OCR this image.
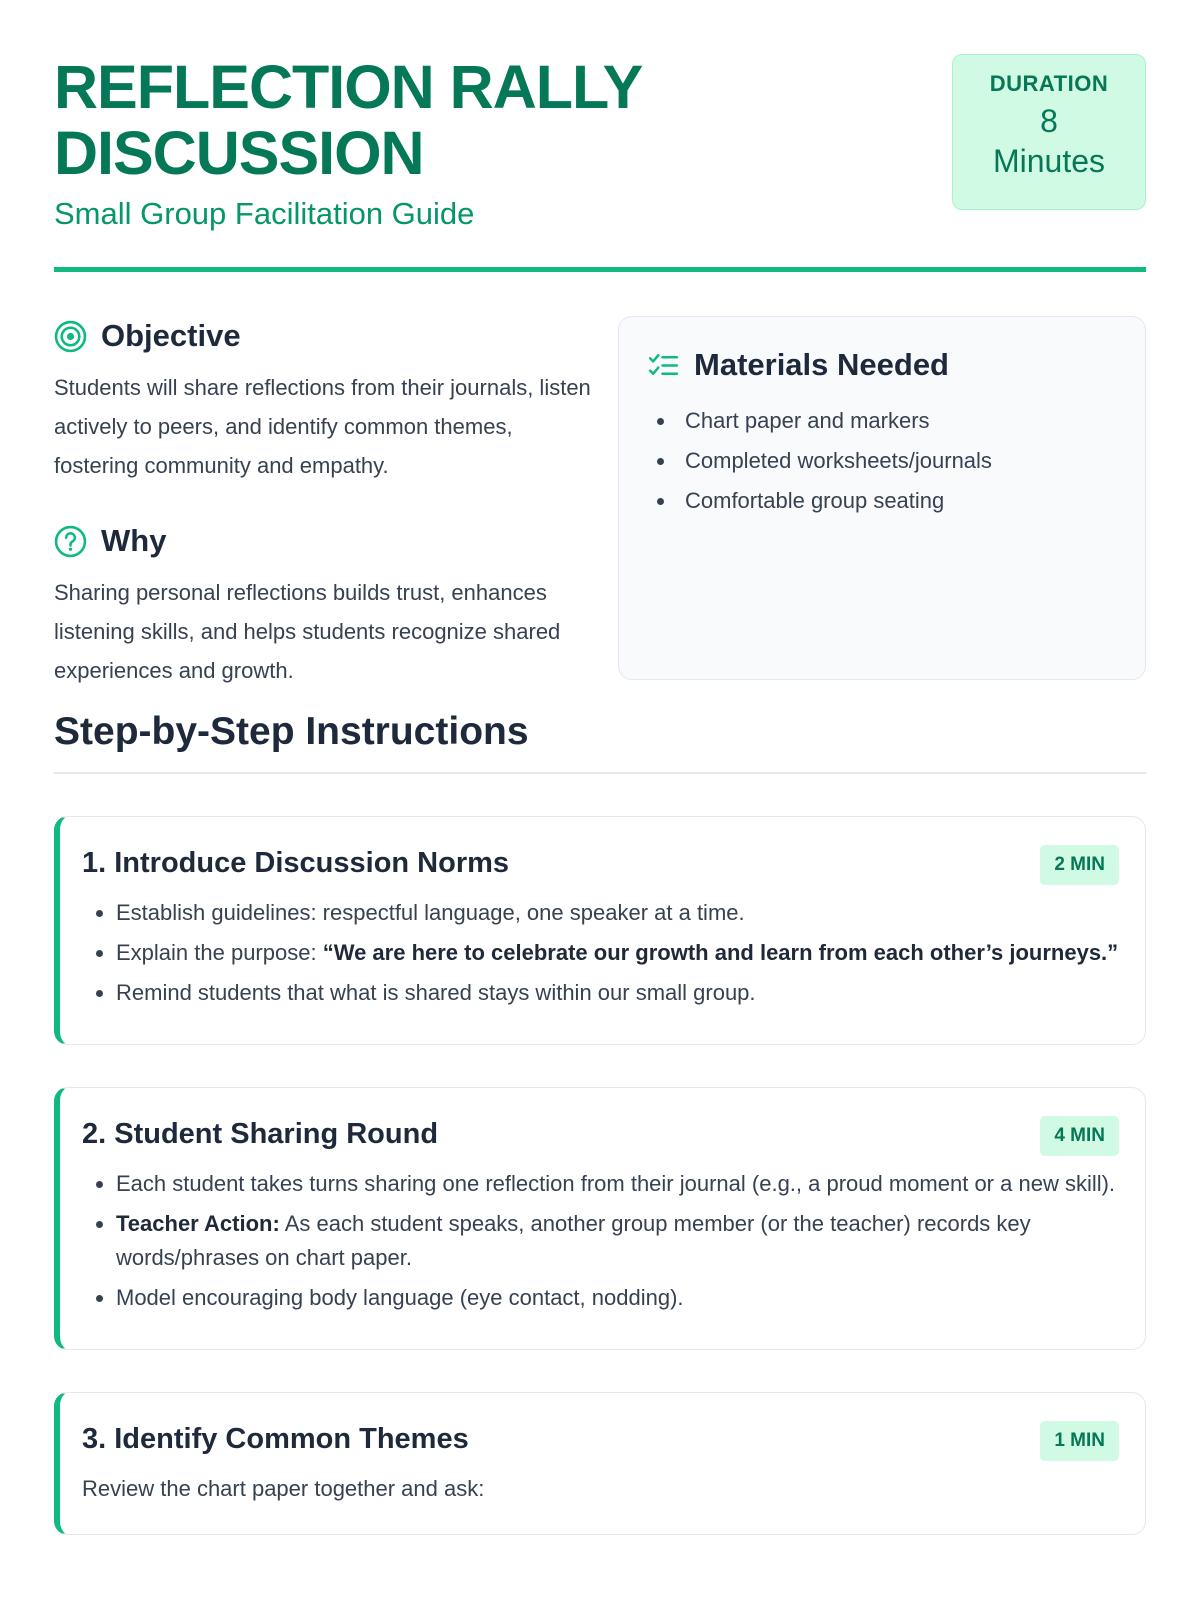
REFLECTION RALLY
DISCUSSION
Small Group Facilitation Guide
DURATION
8
Minutes
Objective

Students will share reflections from their journals, listen actively to peers, and identify common themes, fostering community and empathy.

Why

Sharing personal reflections builds trust, enhances listening skills, and helps students recognize shared experiences and growth.

Materials Needed
• Chart paper and markers
• Completed worksheets/journals
• Comfortable group seating
Step-by-Step Instructions
1. Introduce Discussion Norms	2 MIN
• Establish guidelines: respectful language, one speaker at a time.
• Explain the purpose: “We are here to celebrate our growth and learn from each other’s journeys.”
• Remind students that what is shared stays within our small group.
2. Student Sharing Round	4 MIN
• Each student takes turns sharing one reflection from their journal (e.g., a proud moment or a new skill).
• Teacher Action: As each student speaks, another group member (or the teacher) records key words/phrases on chart paper.
• Model encouraging body language (eye contact, nodding).
3. Identify Common Themes	1 MIN

Review the chart paper together and ask:
